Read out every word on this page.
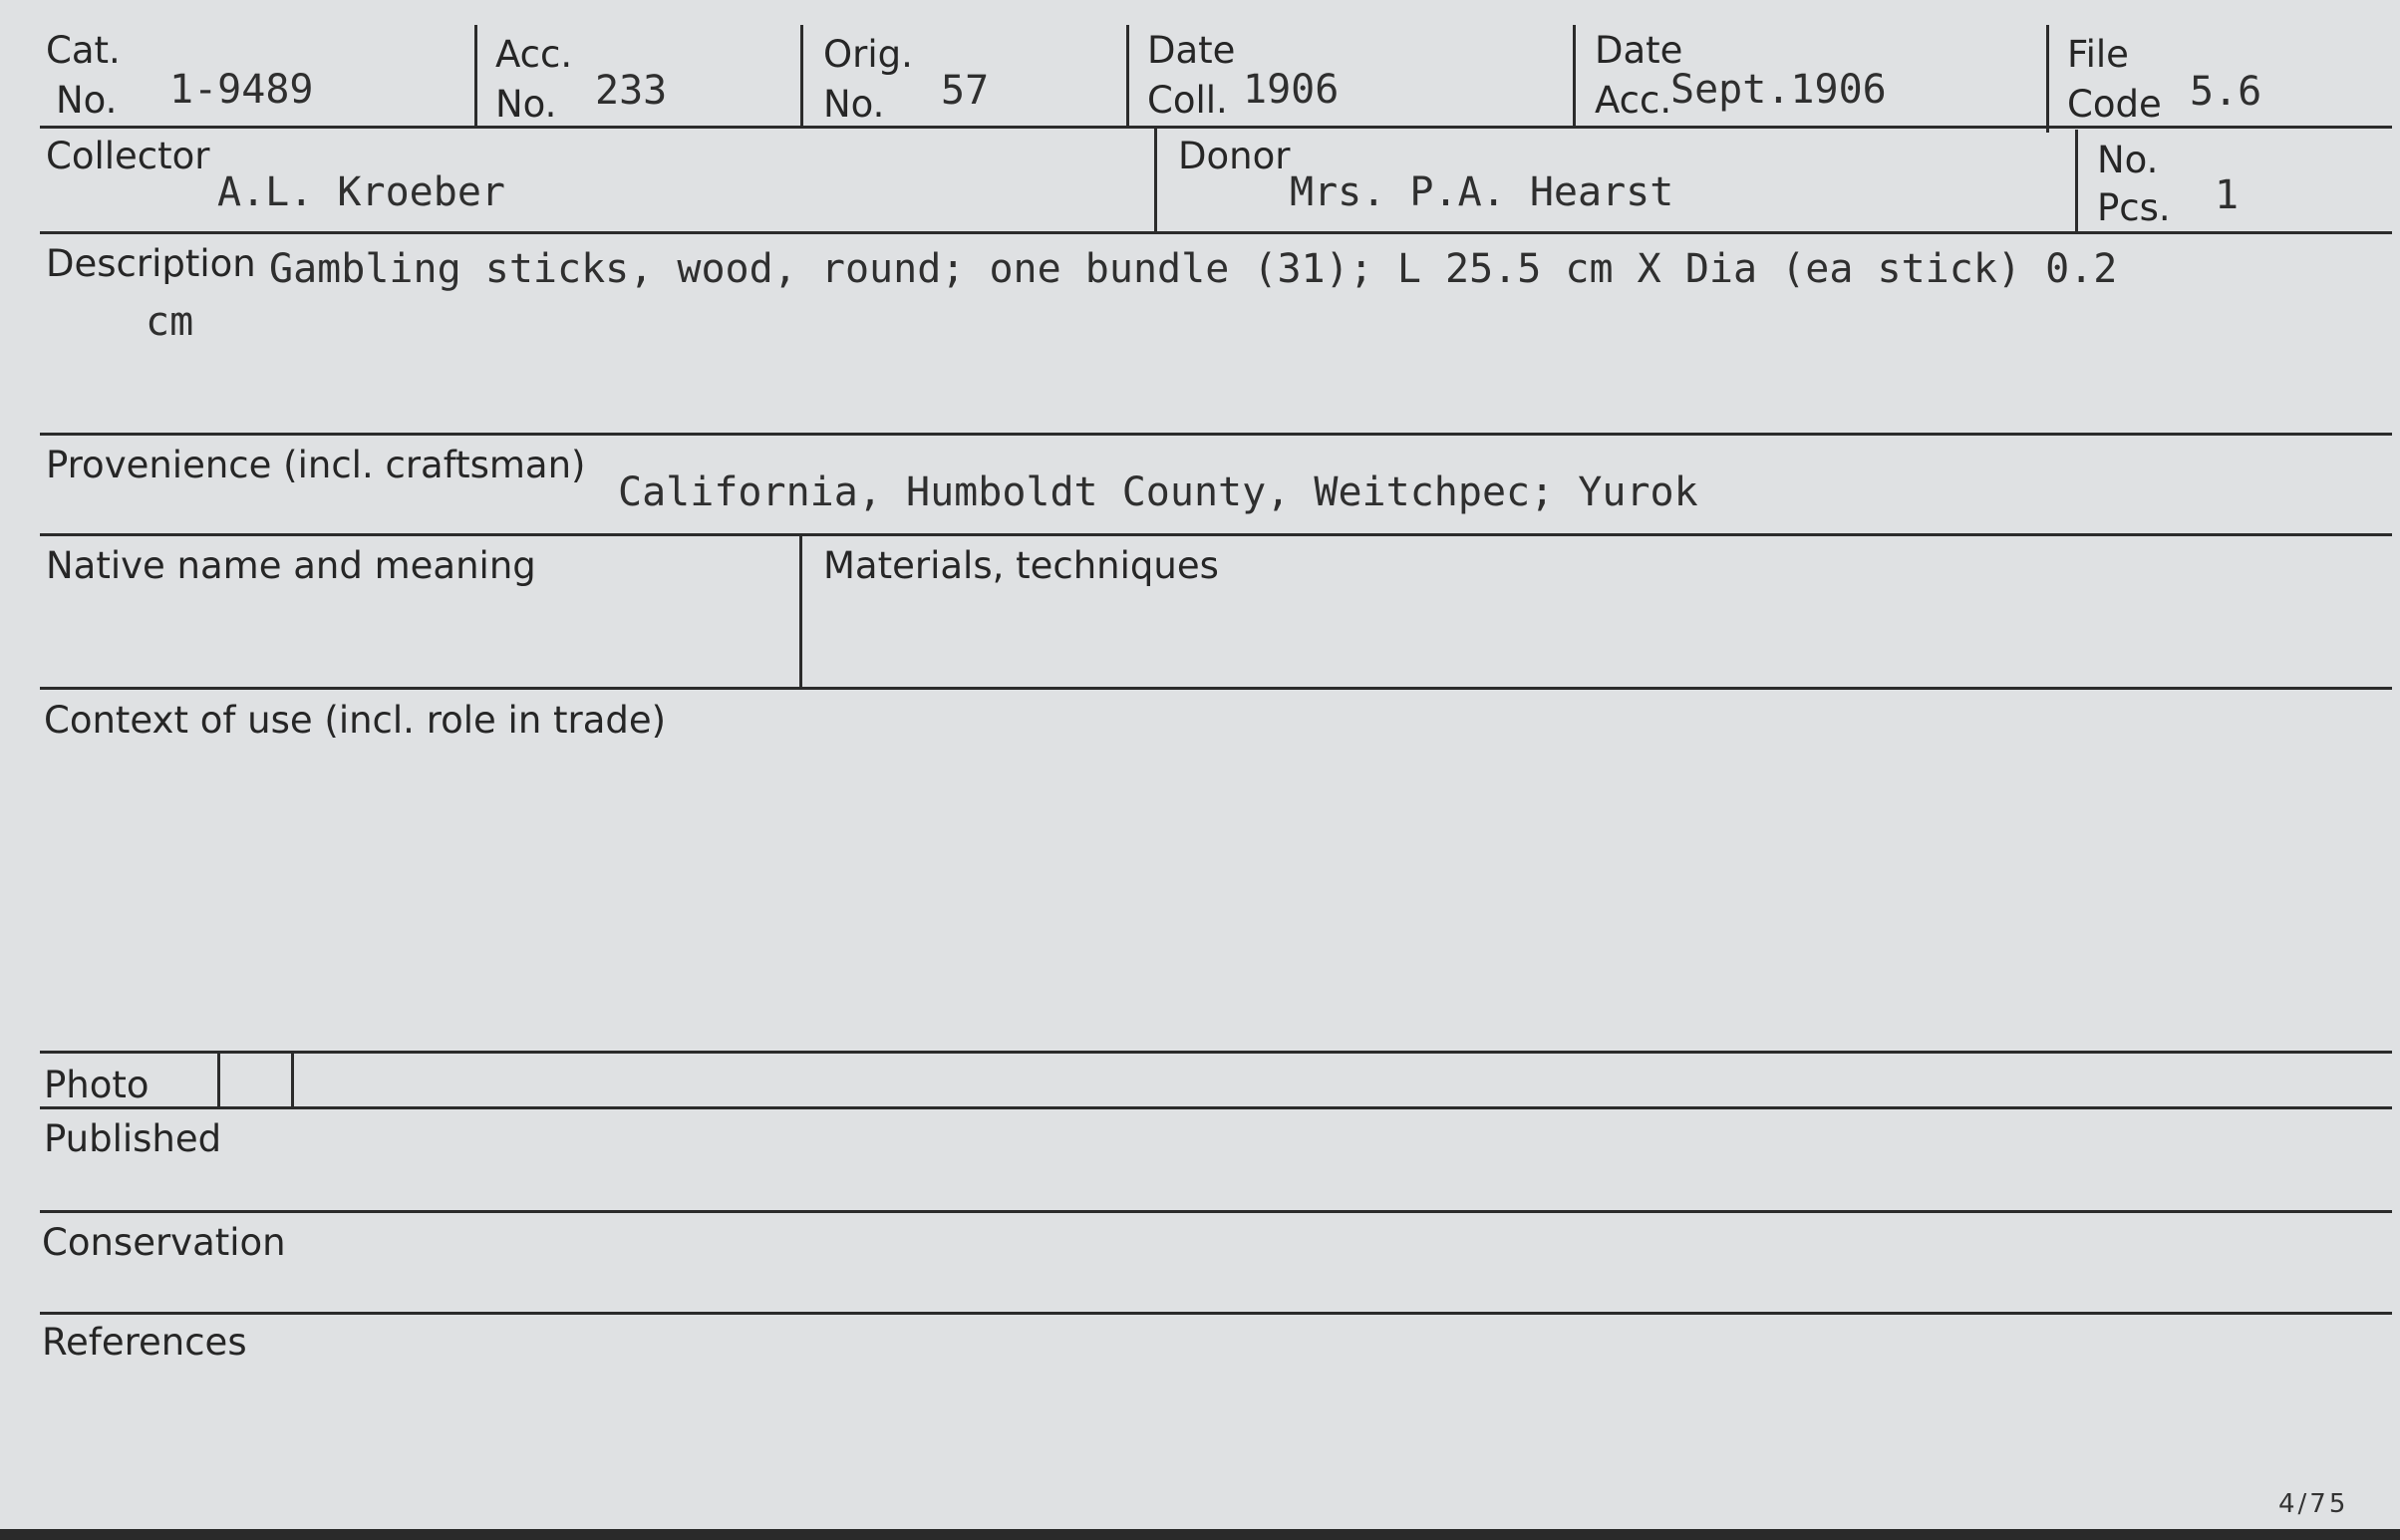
Cat.
No. 1-9489
Acc.
No. 233
Orig.
No. 57
Date
Coll. 1906
Date
Acc.
Sept.1906
File
Code 5.6
Collector
A.L. Kroeber
Donor
Mrs. P.A. Hearst
No.
Pcs. 1
Description Gambling sticks, wood, round; one bundle (31); L 25.5 cm X Dia (ea stick) 0.2
cm
Provenience (incl. craftsman)
California, Humboldt County, Weitchpec; Yurok
Native name and meaning	Materials, techniques
Context of use (incl. role in trade)
Photo
Published
Conservation
References
4/75
